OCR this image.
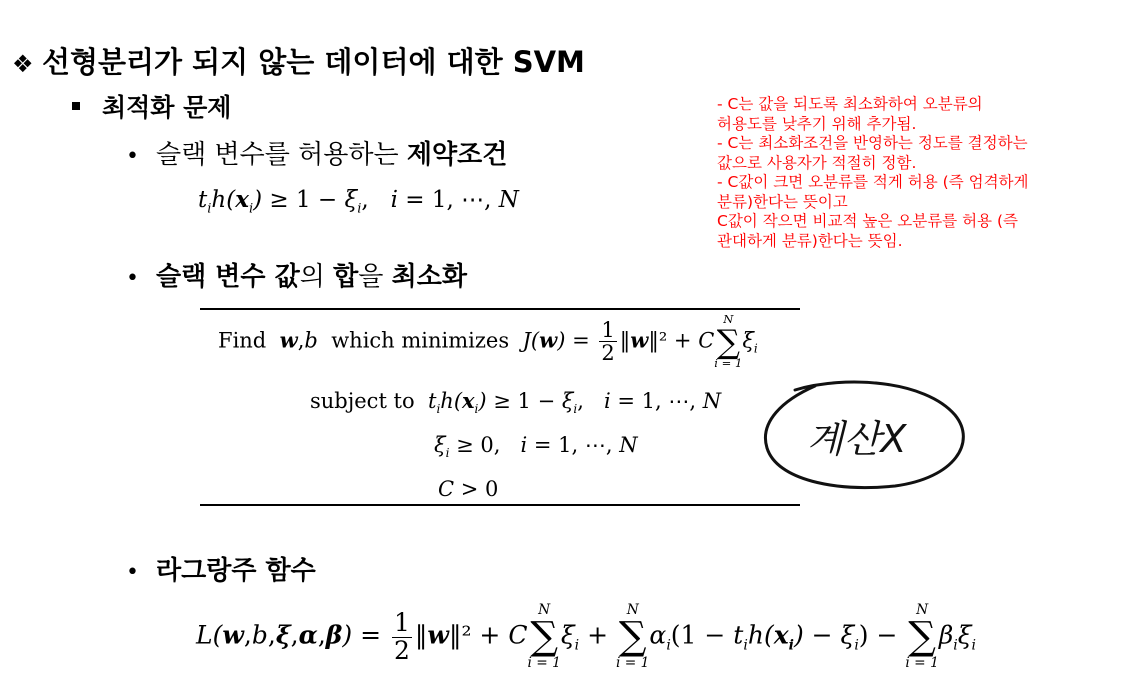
❖ 선형분리가 되지 않는 데이터에 대한 SVM
최적화 문제
• 슬랙 변수를 허용하는 제약조건
$t_ih(x_i) \ge 1 - \xi_i$,   i = 1, ⋯, N
• 슬랙 변수 값의 합을 최소화
Find w,b  which minimizes  $J(w) = \frac{1}{2}$ ‖w‖² + C
N
∑
i = 1
$\xi_i$
subject to  $t_ih(x_i) \ge 1 - \xi_i$,   i = 1, ⋯, N
$\xi_i \ge 0$,   i = 1, ⋯, N
C > 0
계산X
- C는 값을 되도록 최소화하여 오분류의
허용도를 낮추기 위해 추가됨.
- C는 최소화조건을 반영하는 정도를 결정하는
값으로 사용자가 적절히 정함.
- C값이 크면 오분류를 적게 허용 (즉 엄격하게
분류)한다는 뜻이고
C값이 작으면 비교적 높은 오분류를 허용 (즉
관대하게 분류)한다는 뜻임.
• 라그랑주 함수
$L(w,b,\xi,\alpha,\beta) = \frac{1}{2}$ ‖w‖² + C
N
∑
i = 1
$\xi_i$ +
N
∑
i = 1
$\alpha_i(1 - t_ih(x_i) - \xi_i)$ −
N
∑
i = 1
$\beta_i\xi_i$
